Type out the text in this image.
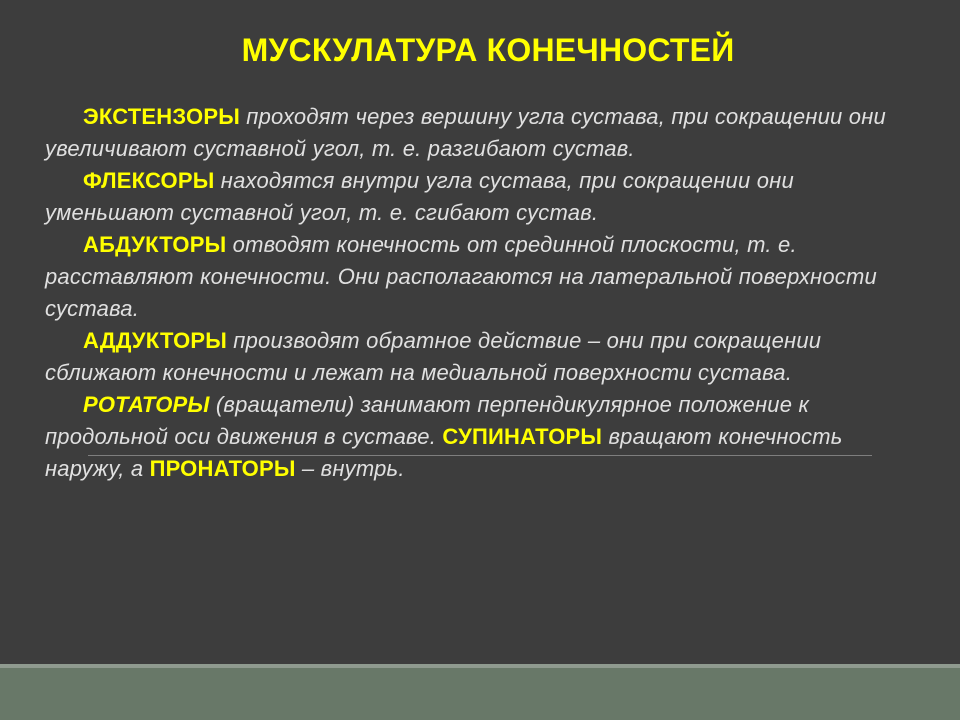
МУСКУЛАТУРА КОНЕЧНОСТЕЙ

ЭКСТЕНЗОРЫ проходят через вершину угла сустава, при сокращении они увеличивают суставной угол, т. е. разгибают сустав.

ФЛЕКСОРЫ находятся внутри угла сустава, при сокращении они уменьшают суставной угол, т. е. сгибают сустав.

АБДУКТОРЫ отводят конечность от срединной плоскости, т. е. расставляют конечности. Они располагаются на латеральной поверхности сустава.

АДДУКТОРЫ производят обратное действие – они при сокращении сближают конечности и лежат на медиальной поверхности сустава.

РОТАТОРЫ (вращатели) занимают перпендикулярное положение к продольной оси движения в суставе. СУПИНАТОРЫ вращают конечность наружу, а ПРОНАТОРЫ – внутрь.
